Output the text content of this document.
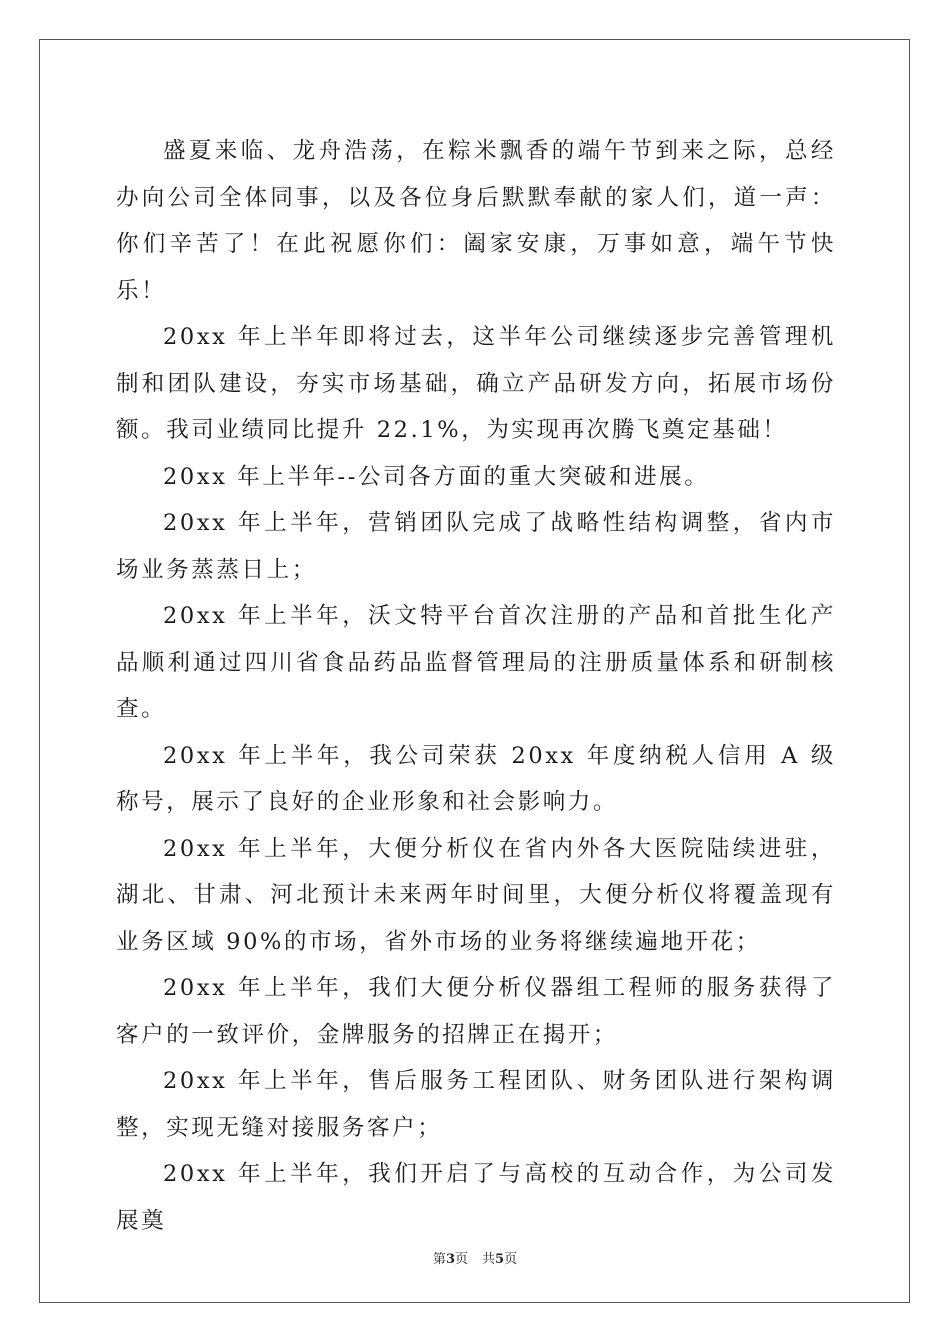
盛夏来临、龙舟浩荡，在粽米飘香的端午节到来之际，总经办向公司全体同事，以及各位身后默默奉献的家人们，道一声：你们辛苦了！在此祝愿你们：阖家安康，万事如意，端午节快乐！

20xx 年上半年即将过去，这半年公司继续逐步完善管理机制和团队建设，夯实市场基础，确立产品研发方向，拓展市场份额。我司业绩同比提升 22.1%，为实现再次腾飞奠定基础！

20xx 年上半年--公司各方面的重大突破和进展。

20xx 年上半年，营销团队完成了战略性结构调整，省内市场业务蒸蒸日上；

20xx 年上半年，沃文特平台首次注册的产品和首批生化产品顺利通过四川省食品药品监督管理局的注册质量体系和研制核查。

20xx 年上半年，我公司荣获 20xx 年度纳税人信用 A 级称号，展示了良好的企业形象和社会影响力。

20xx 年上半年，大便分析仪在省内外各大医院陆续进驻，湖北、甘肃、河北预计未来两年时间里，大便分析仪将覆盖现有业务区域 90%的市场，省外市场的业务将继续遍地开花；

20xx 年上半年，我们大便分析仪器组工程师的服务获得了客户的一致评价，金牌服务的招牌正在揭开；

20xx 年上半年，售后服务工程团队、财务团队进行架构调整，实现无缝对接服务客户；

20xx 年上半年，我们开启了与高校的互动合作，为公司发展奠

第3页 共5页
